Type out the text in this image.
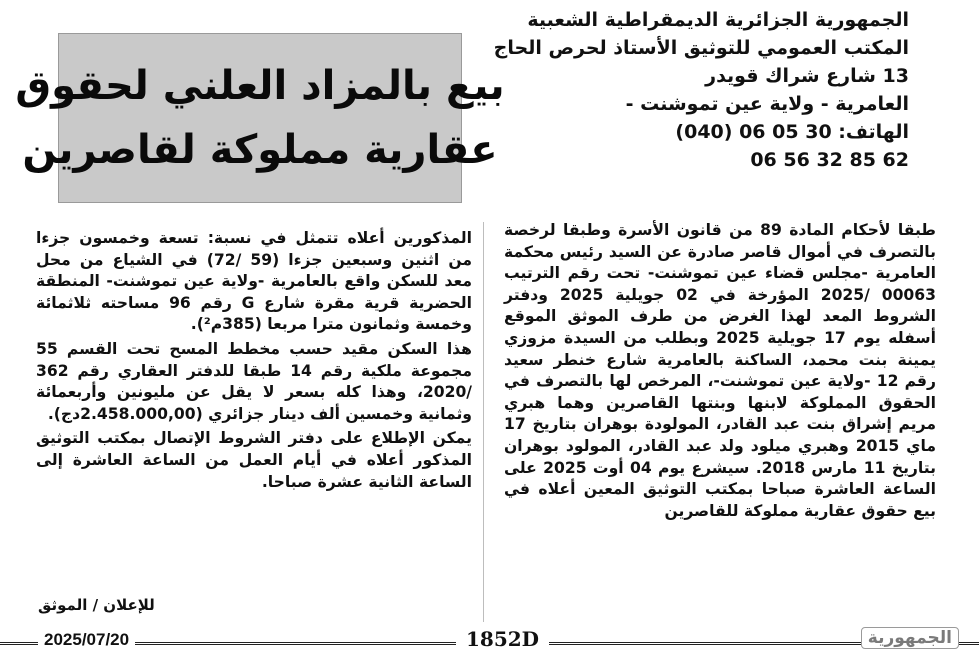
الجمهورية الجزائرية الديمقراطية الشعبية
المكتب العمومي للتوثيق الأستاذ لحرص الحاج
13 شارع شراك قويدر
العامرية - ولاية عين تموشنت -
الهاتف: 30 05 06 (040)
06 56 32 85 62
بيع بالمزاد العلني لحقوق
عقارية مملوكة لقاصرين

طبقا لأحكام المادة 89 من قانون الأسرة وطبقا لرخصة بالتصرف في أموال قاصر صادرة عن السيد رئيس محكمة العامرية -مجلس قضاء عين تموشنت- تحت رقم الترتيب 00063 /2025 المؤرخة في 02 جويلية 2025 ودفتر الشروط المعد لهذا الغرض من طرف الموثق الموقع أسفله يوم 17 جويلية 2025 وبطلب من السيدة مزوزي يمينة بنت محمد، الساكنة بالعامرية شارع خنطر سعيد رقم 12 -ولاية عين تموشنت-، المرخص لها بالتصرف في الحقوق المملوكة لابنها وبنتها القاصرين وهما هبري مريم إشراق بنت عبد القادر، المولودة بوهران بتاريخ 17 ماي 2015 وهبري ميلود ولد عبد القادر، المولود بوهران بتاريخ 11 مارس 2018. سيشرع يوم 04 أوت 2025 على الساعة العاشرة صباحا بمكتب التوثيق المعين أعلاه في بيع حقوق عقارية مملوكة للقاصرين

المذكورين أعلاه تتمثل في نسبة: تسعة وخمسون جزءا من اثنين وسبعين جزءا (59 /72) في الشياع من محل معد للسكن واقع بالعامرية -ولاية عين تموشنت- المنطقة الحضرية قرية مقرة شارع G رقم 96 مساحته ثلاثمائة وخمسة وثمانون مترا مربعا (385م²).

هذا السكن مقيد حسب مخطط المسح تحت القسم 55 مجموعة ملكية رقم 14 طبقا للدفتر العقاري رقم 362 /2020، وهذا كله بسعر لا يقل عن مليونين وأربعمائة وثمانية وخمسين ألف دينار جزائري (2.458.000,00دج).

يمكن الإطلاع على دفتر الشروط الإتصال بمكتب التوثيق المذكور أعلاه في أيام العمل من الساعة العاشرة إلى الساعة الثانية عشرة صباحا.

للإعلان / الموثق
2025/07/20	1852D	الجمهورية
